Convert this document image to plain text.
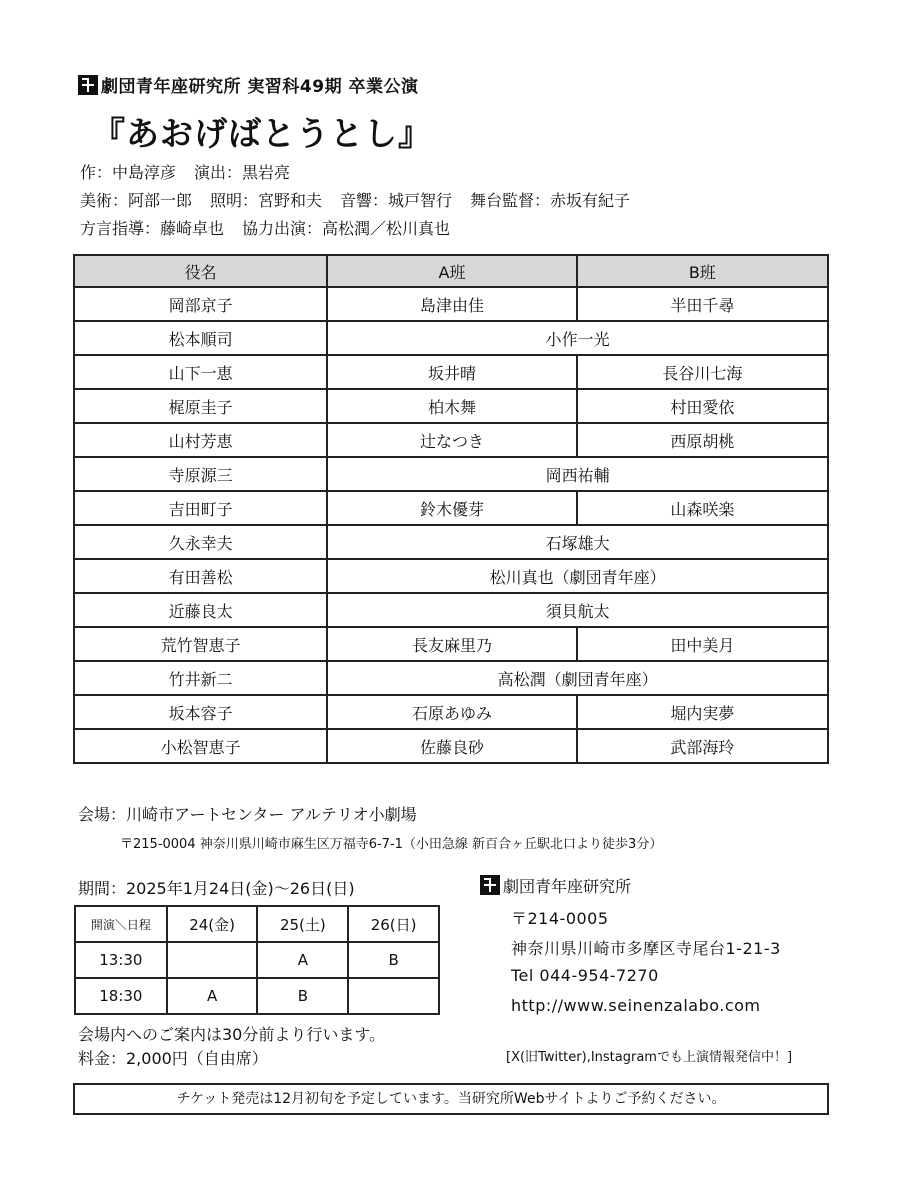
劇団青年座研究所 実習科49期 卒業公演
『あおげばとうとし』
作：中島淳彦 演出：黒岩亮
美術：阿部一郎 照明：宮野和夫 音響：城戸智行 舞台監督：赤坂有紀子
方言指導：藤崎卓也 協力出演：高松潤／松川真也
役名	A班	B班
岡部京子	島津由佳	半田千尋
松本順司	小作一光	
山下一恵	坂井晴	長谷川七海
梶原圭子	柏木舞	村田愛依
山村芳恵	辻なつき	西原胡桃
寺原源三	岡西祐輔	
吉田町子	鈴木優芽	山森咲楽
久永幸夫	石塚雄大	
有田善松	松川真也（劇団青年座）	
近藤良太	須貝航太	
荒竹智恵子	長友麻里乃	田中美月
竹井新二	高松潤（劇団青年座）	
坂本容子	石原あゆみ	堀内実夢
小松智恵子	佐藤良砂	武部海玲
会場：川崎市アートセンター アルテリオ小劇場
〒215-0004 神奈川県川崎市麻生区万福寺6-7-1（小田急線 新百合ヶ丘駅北口より徒歩3分）
期間：2025年1月24日(金)〜26日(日)
開演＼日程	24(金)	25(土)	26(日)
13:30		A	B
18:30	A	B	
会場内へのご案内は30分前より行います。
料金：2,000円（自由席）
劇団青年座研究所
〒214-0005
神奈川県川崎市多摩区寺尾台1-21-3
Tel 044-954-7270
http://www.seinenzalabo.com
[X(旧Twitter),Instagramでも上演情報発信中！]
チケット発売は12月初旬を予定しています。当研究所Webサイトよりご予約ください。
